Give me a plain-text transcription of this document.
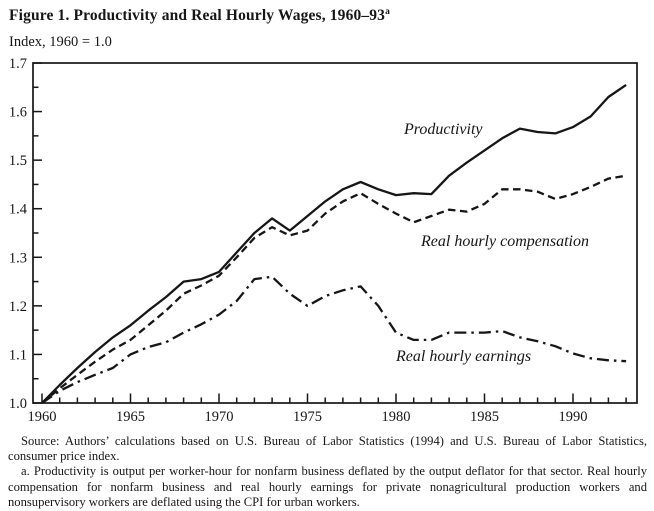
Figure 1. Productivity and Real Hourly Wages, 1960–93$^a$
Index, 1960 = 1.0
1.0
1.1
1.2
1.3
1.4
1.5
1.6
1.7
1960	1965	1970	1975	1980	1985	1990
Productivity
Real hourly compensation
Real hourly earnings

Source: Authors’ calculations based on U.S. Bureau of Labor Statistics (1994) and U.S. Bureau of Labor Statistics, consumer price index.

a. Productivity is output per worker-hour for nonfarm business deflated by the output deflator for that sector. Real hourly compensation for nonfarm business and real hourly earnings for private nonagricultural production workers and nonsupervisory workers are deflated using the CPI for urban workers.
